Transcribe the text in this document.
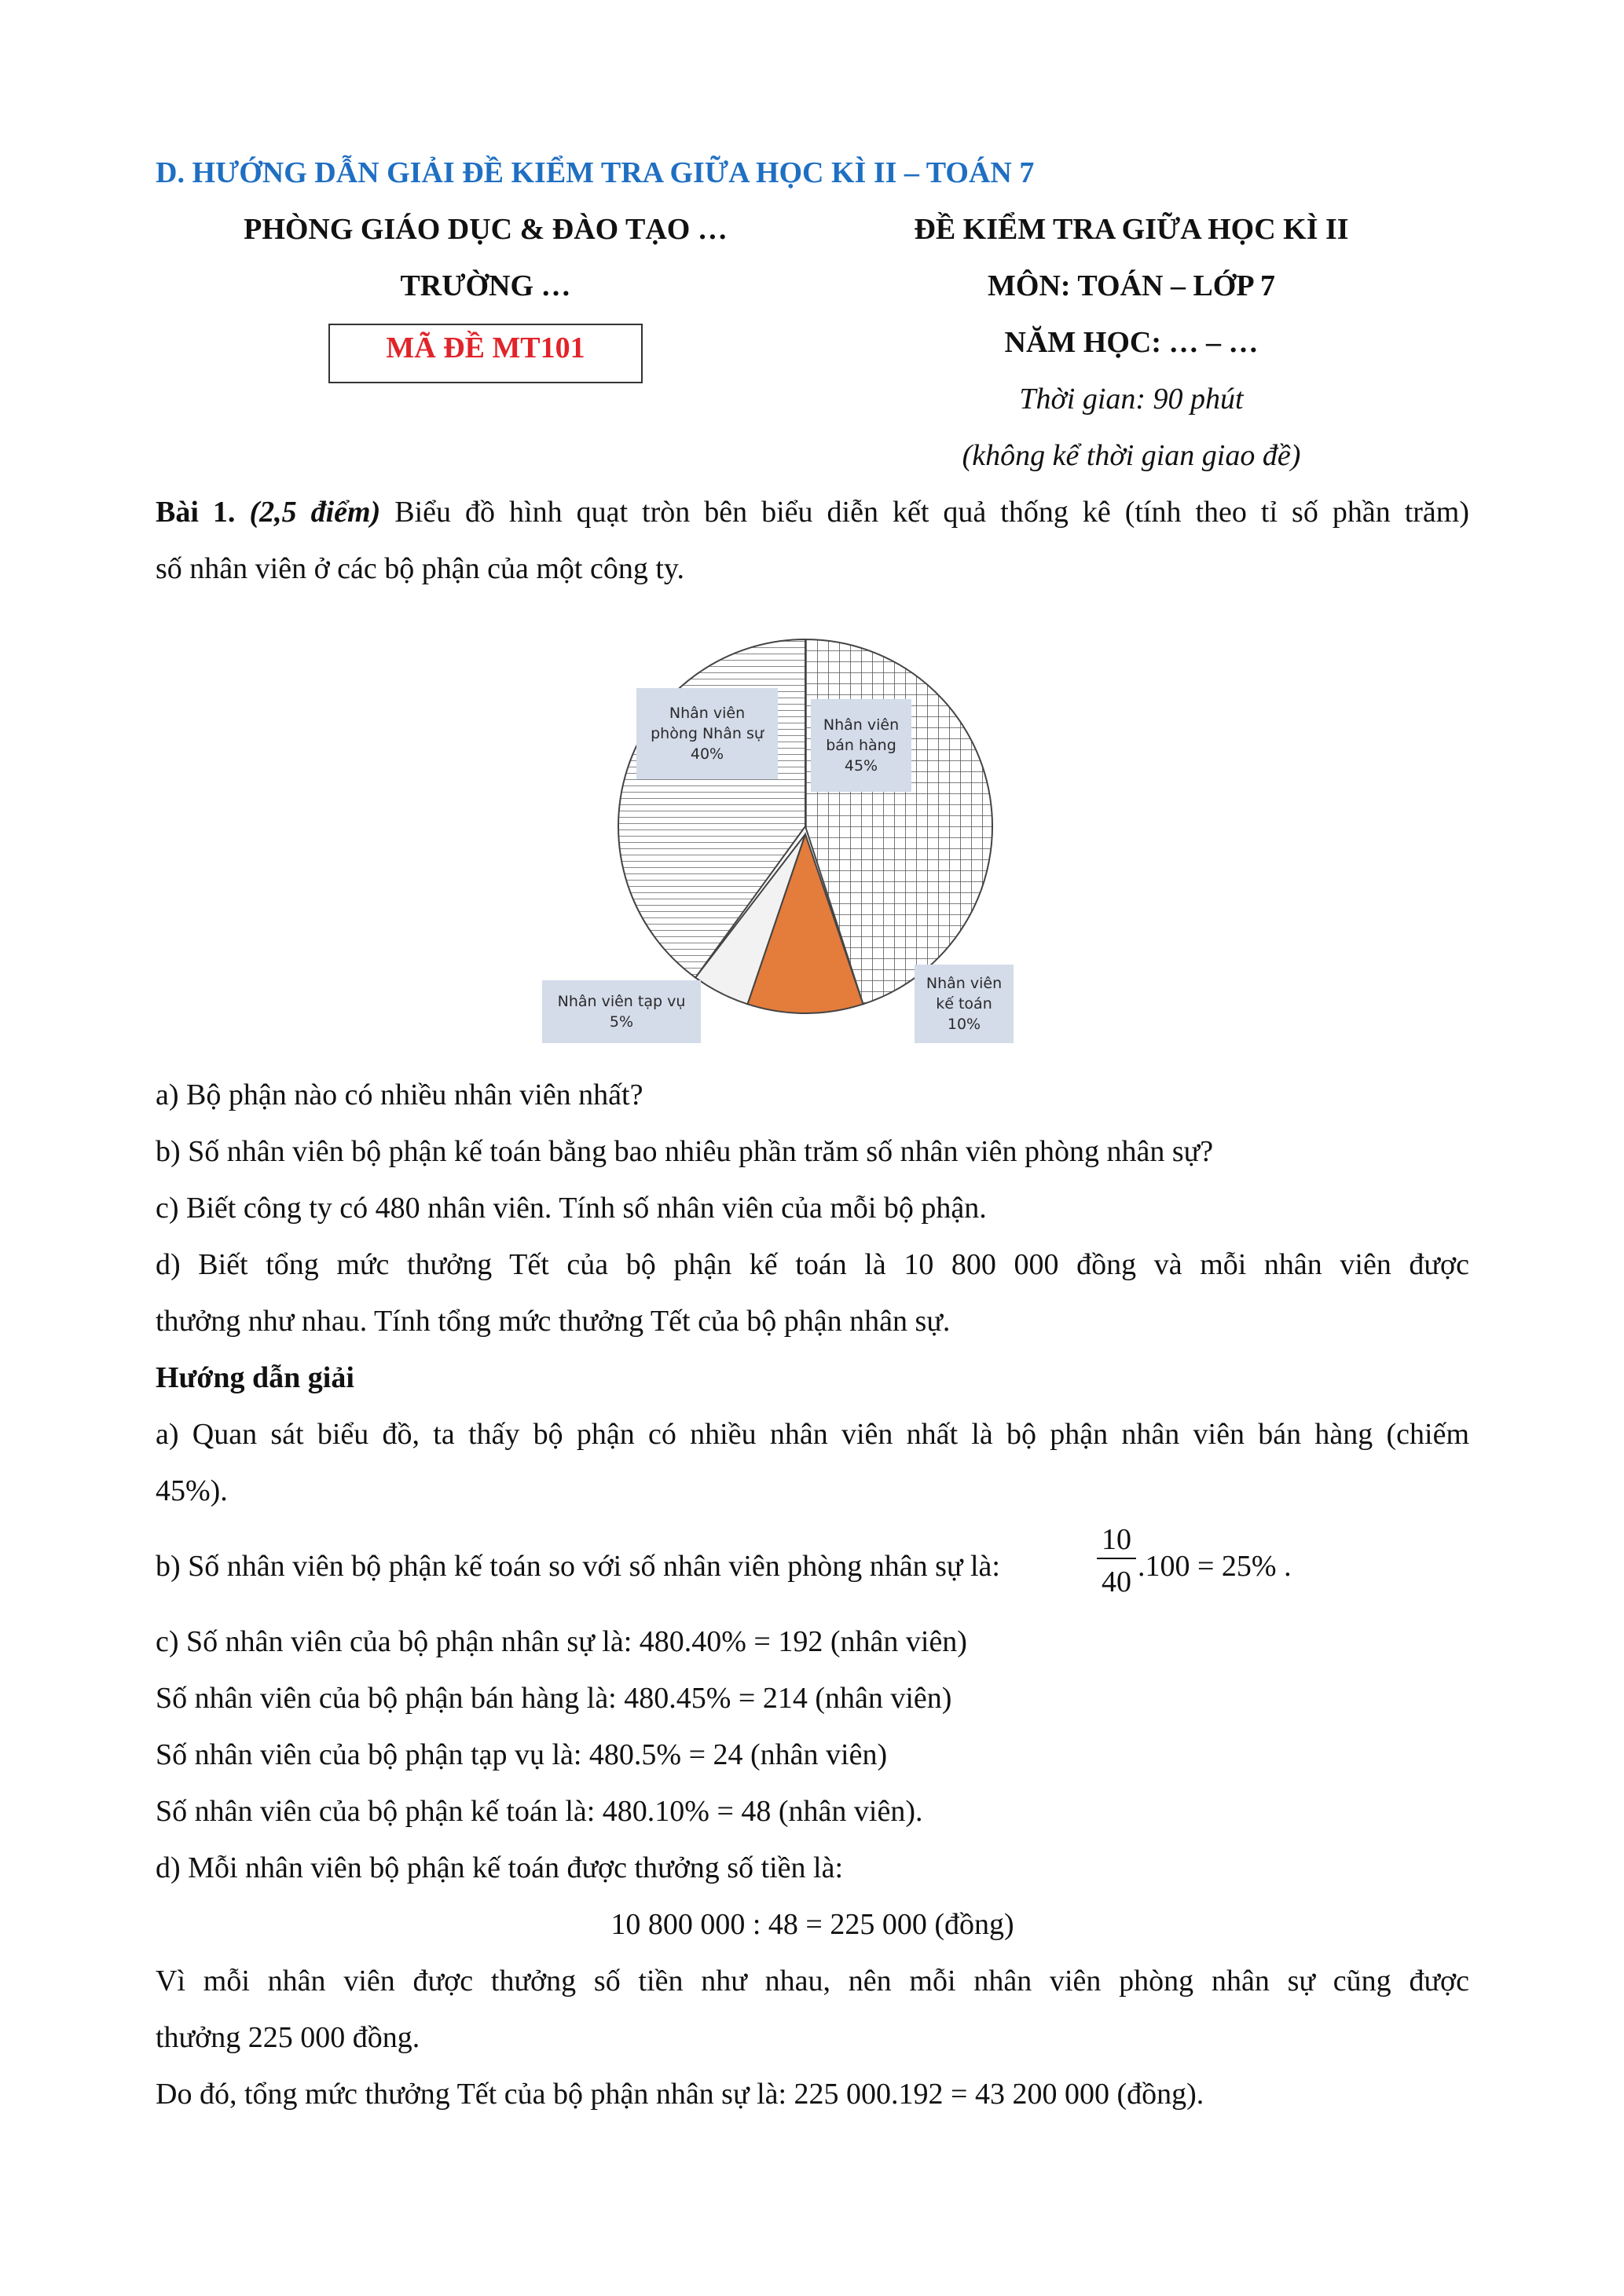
D. HƯỚNG DẪN GIẢI ĐỀ KIỂM TRA GIỮA HỌC KÌ II – TOÁN 7
PHÒNG GIÁO DỤC & ĐÀO TẠO …
TRƯỜNG …
MÃ ĐỀ MT101
ĐỀ KIỂM TRA GIỮA HỌC KÌ II
MÔN: TOÁN – LỚP 7
NĂM HỌC: … – …
Thời gian: 90 phút
(không kể thời gian giao đề)
Bài 1. (2,5 điểm) Biểu đồ hình quạt tròn bên biểu diễn kết quả thống kê (tính theo tỉ số phần trăm)
số nhân viên ở các bộ phận của một công ty.
Nhân viên
bán hàng
45%
Nhân viên
kế toán
10%
Nhân viên tạp vụ
5%
Nhân viên
phòng Nhân sự
40%
a) Bộ phận nào có nhiều nhân viên nhất?
b) Số nhân viên bộ phận kế toán bằng bao nhiêu phần trăm số nhân viên phòng nhân sự?
c) Biết công ty có 480 nhân viên. Tính số nhân viên của mỗi bộ phận.
d) Biết tổng mức thưởng Tết của bộ phận kế toán là 10 800 000 đồng và mỗi nhân viên được
thưởng như nhau. Tính tổng mức thưởng Tết của bộ phận nhân sự.
Hướng dẫn giải
a) Quan sát biểu đồ, ta thấy bộ phận có nhiều nhân viên nhất là bộ phận nhân viên bán hàng (chiếm
45%).
b) Số nhân viên bộ phận kế toán so với số nhân viên phòng nhân sự là:
10
40 .100 = 25% .
c) Số nhân viên của bộ phận nhân sự là: 480.40% = 192 (nhân viên)
Số nhân viên của bộ phận bán hàng là: 480.45% = 214 (nhân viên)
Số nhân viên của bộ phận tạp vụ là: 480.5% = 24 (nhân viên)
Số nhân viên của bộ phận kế toán là: 480.10% = 48 (nhân viên).
d) Mỗi nhân viên bộ phận kế toán được thưởng số tiền là:
10 800 000 : 48 = 225 000 (đồng)
Vì mỗi nhân viên được thưởng số tiền như nhau, nên mỗi nhân viên phòng nhân sự cũng được
thưởng 225 000 đồng.
Do đó, tổng mức thưởng Tết của bộ phận nhân sự là: 225 000.192 = 43 200 000 (đồng).
